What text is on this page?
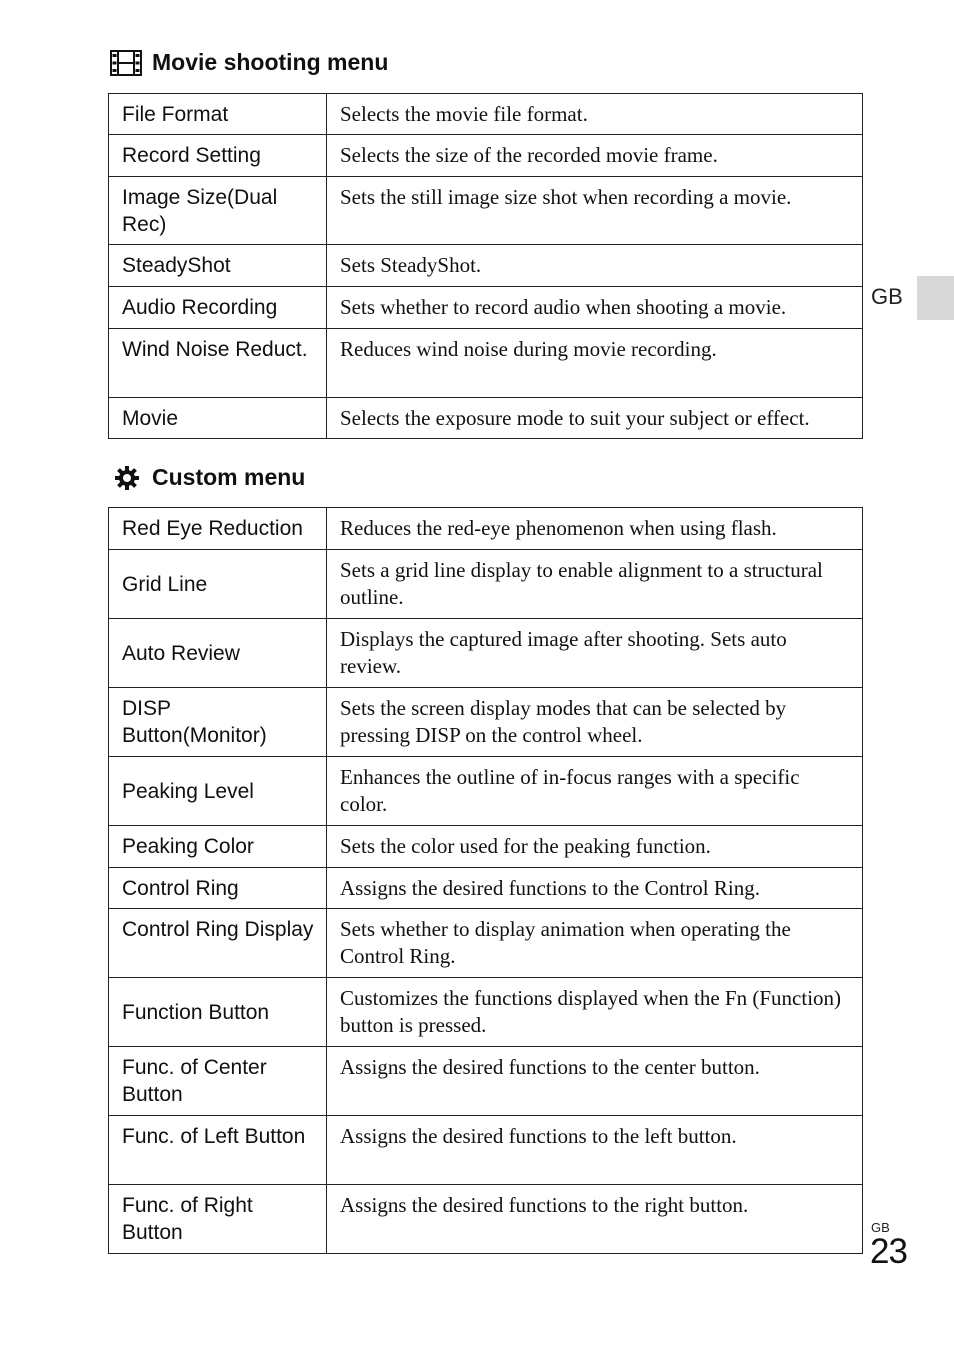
Movie shooting menu
File Format	Selects the movie file format.
Record Setting	Selects the size of the recorded movie frame.
Image Size(Dual Rec)	Sets the still image size shot when recording a movie.
SteadyShot	Sets SteadyShot.
Audio Recording	Sets whether to record audio when shooting a movie.
Wind Noise Reduct.	Reduces wind noise during movie recording.
Movie	Selects the exposure mode to suit your subject or effect.
Custom menu
Red Eye Reduction	Reduces the red-eye phenomenon when using flash.
Grid Line	Sets a grid line display to enable alignment to a structural outline.
Auto Review	Displays the captured image after shooting. Sets auto review.
DISP Button(Monitor)	Sets the screen display modes that can be selected by pressing DISP on the control wheel.
Peaking Level	Enhances the outline of in-focus ranges with a specific color.
Peaking Color	Sets the color used for the peaking function.
Control Ring	Assigns the desired functions to the Control Ring.
Control Ring Display	Sets whether to display animation when operating the Control Ring.
Function Button	Customizes the functions displayed when the Fn (Function) button is pressed.
Func. of Center Button	Assigns the desired functions to the center button.
Func. of Left Button	Assigns the desired functions to the left button.
Func. of Right Button	Assigns the desired functions to the right button.
GB
GB
23
